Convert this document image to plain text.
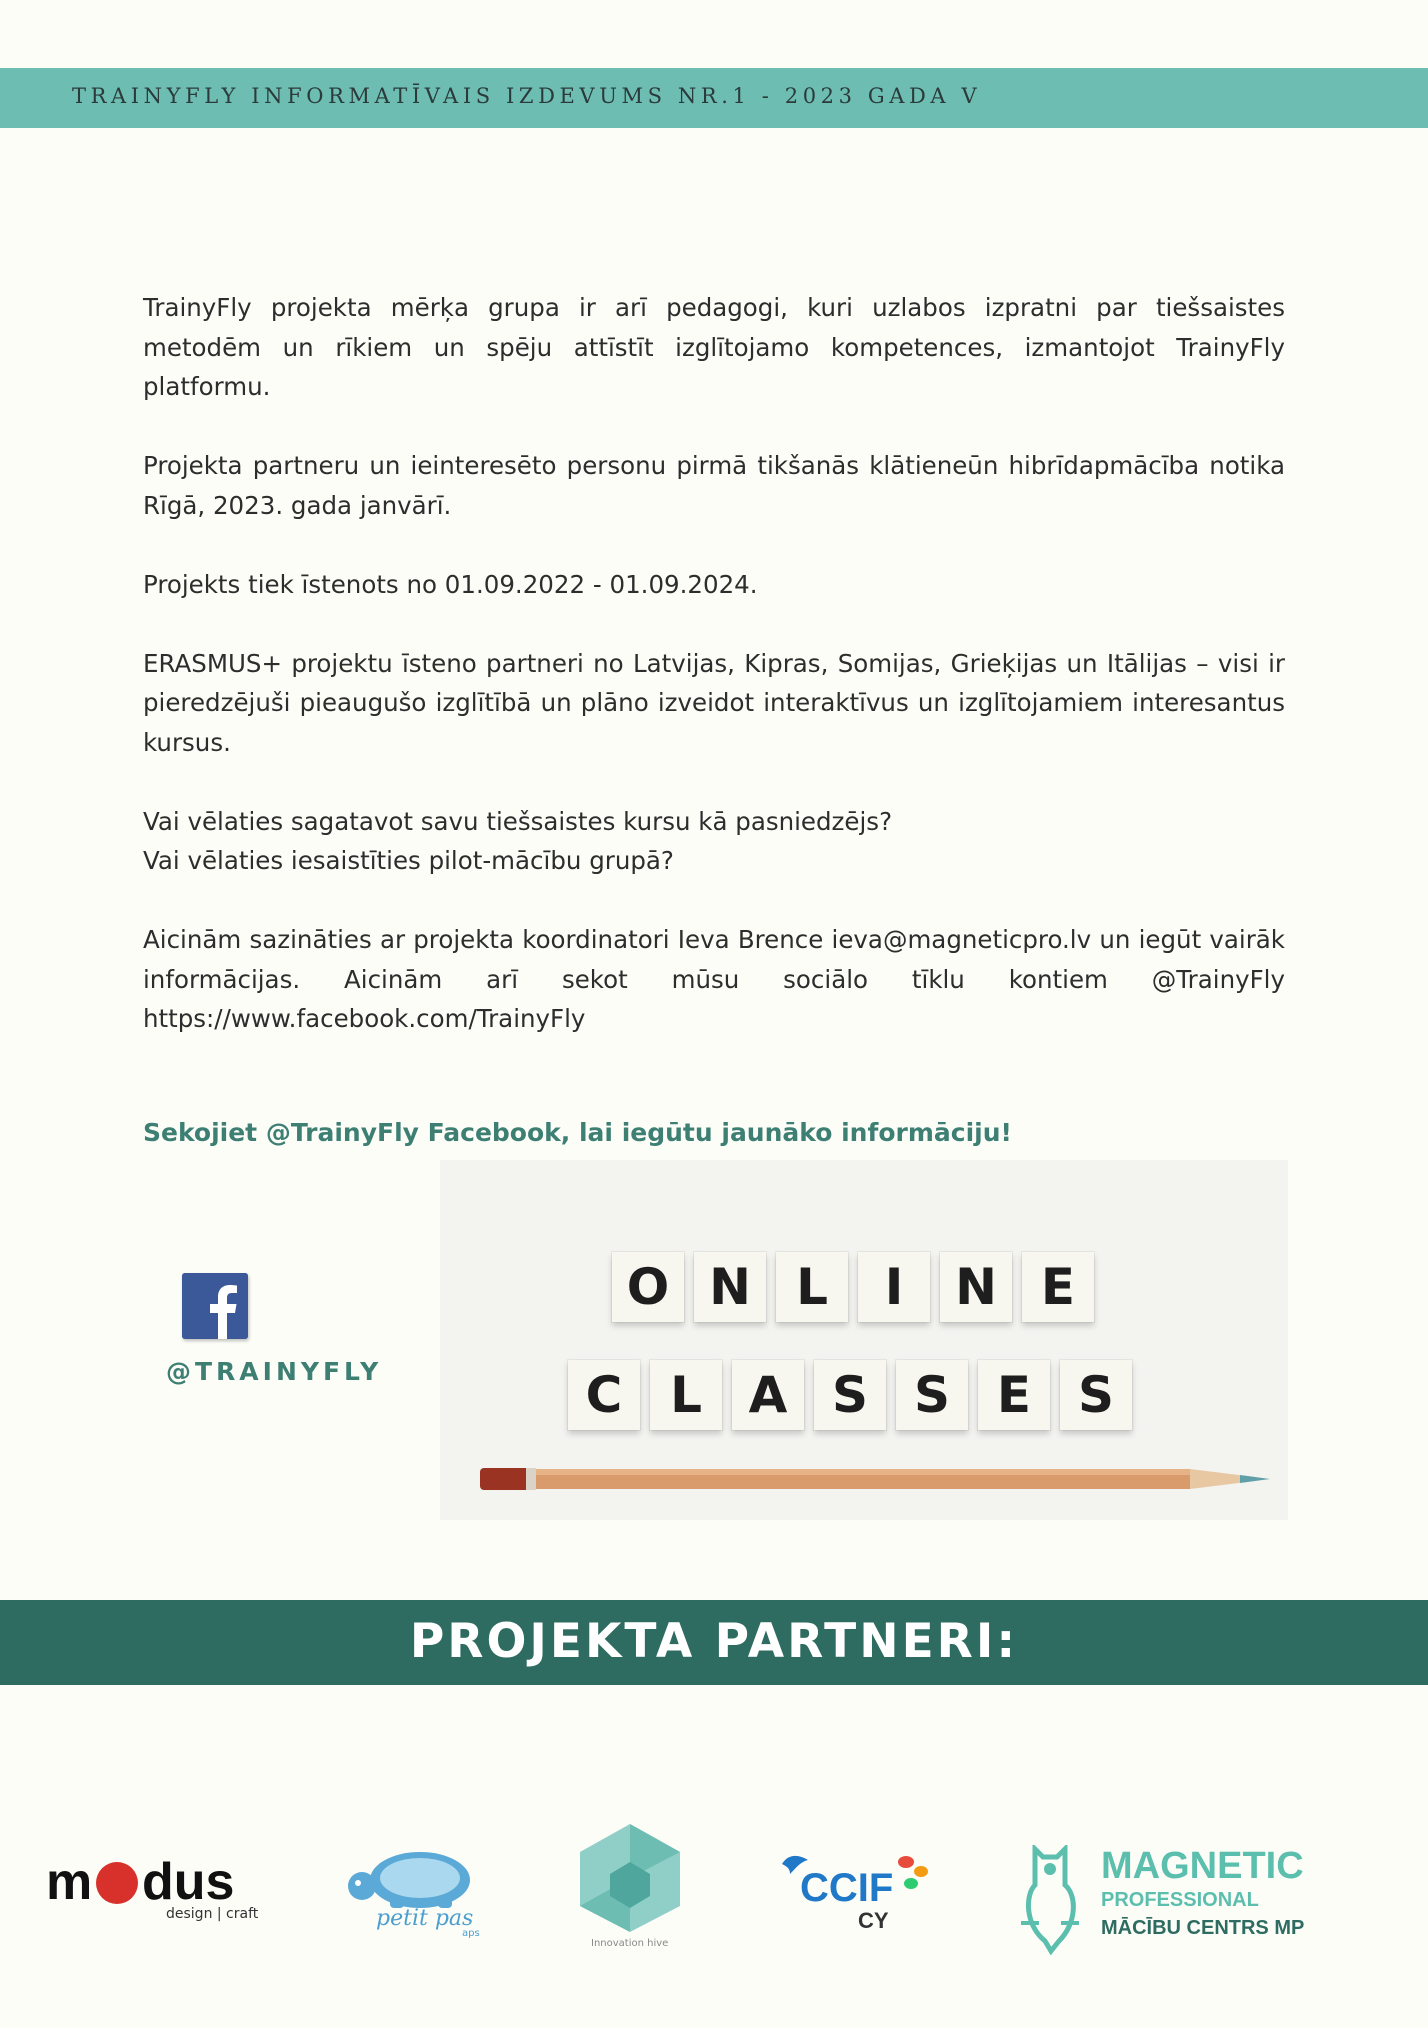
TRAINYFLY INFORMATĪVAIS IZDEVUMS NR.1 - 2023 GADA V

TrainyFly projekta mērķa grupa ir arī pedagogi, kuri uzlabos izpratni par tiešsaistes metodēm un rīkiem un spēju attīstīt izglītojamo kompetences, izmantojot TrainyFly platformu.

Projekta partneru un ieinteresēto personu pirmā tikšanās klātieneūn hibrīdapmācība notika Rīgā, 2023. gada janvārī.

Projekts tiek īstenots no 01.09.2022 - 01.09.2024.

ERASMUS+ projektu īsteno partneri no Latvijas, Kipras, Somijas, Grieķijas un Itālijas – visi ir pieredzējuši pieaugušo izglītībā un plāno izveidot interaktīvus un izglītojamiem interesantus kursus.

Vai vēlaties sagatavot savu tiešsaistes kursu kā pasniedzējs?
Vai vēlaties iesaistīties pilot-mācību grupā?

Aicinām sazināties ar projekta koordinatori Ieva Brence ieva@magneticpro.lv un iegūt vairāk informācijas. Aicinām arī sekot mūsu sociālo tīklu kontiem @TrainyFly https://www.facebook.com/TrainyFly

Sekojiet @TrainyFly Facebook, lai iegūtu jaunāko informāciju!
@TRAINYFLY
O N L	I	N E
C L A S S E S
PROJEKTA PARTNERI:
m dus
design | craft	petit pas
aps
Innovation hive
CCIF
CY
MAGNETIC
PROFESSIONAL
MĀCĪBU CENTRS MP
